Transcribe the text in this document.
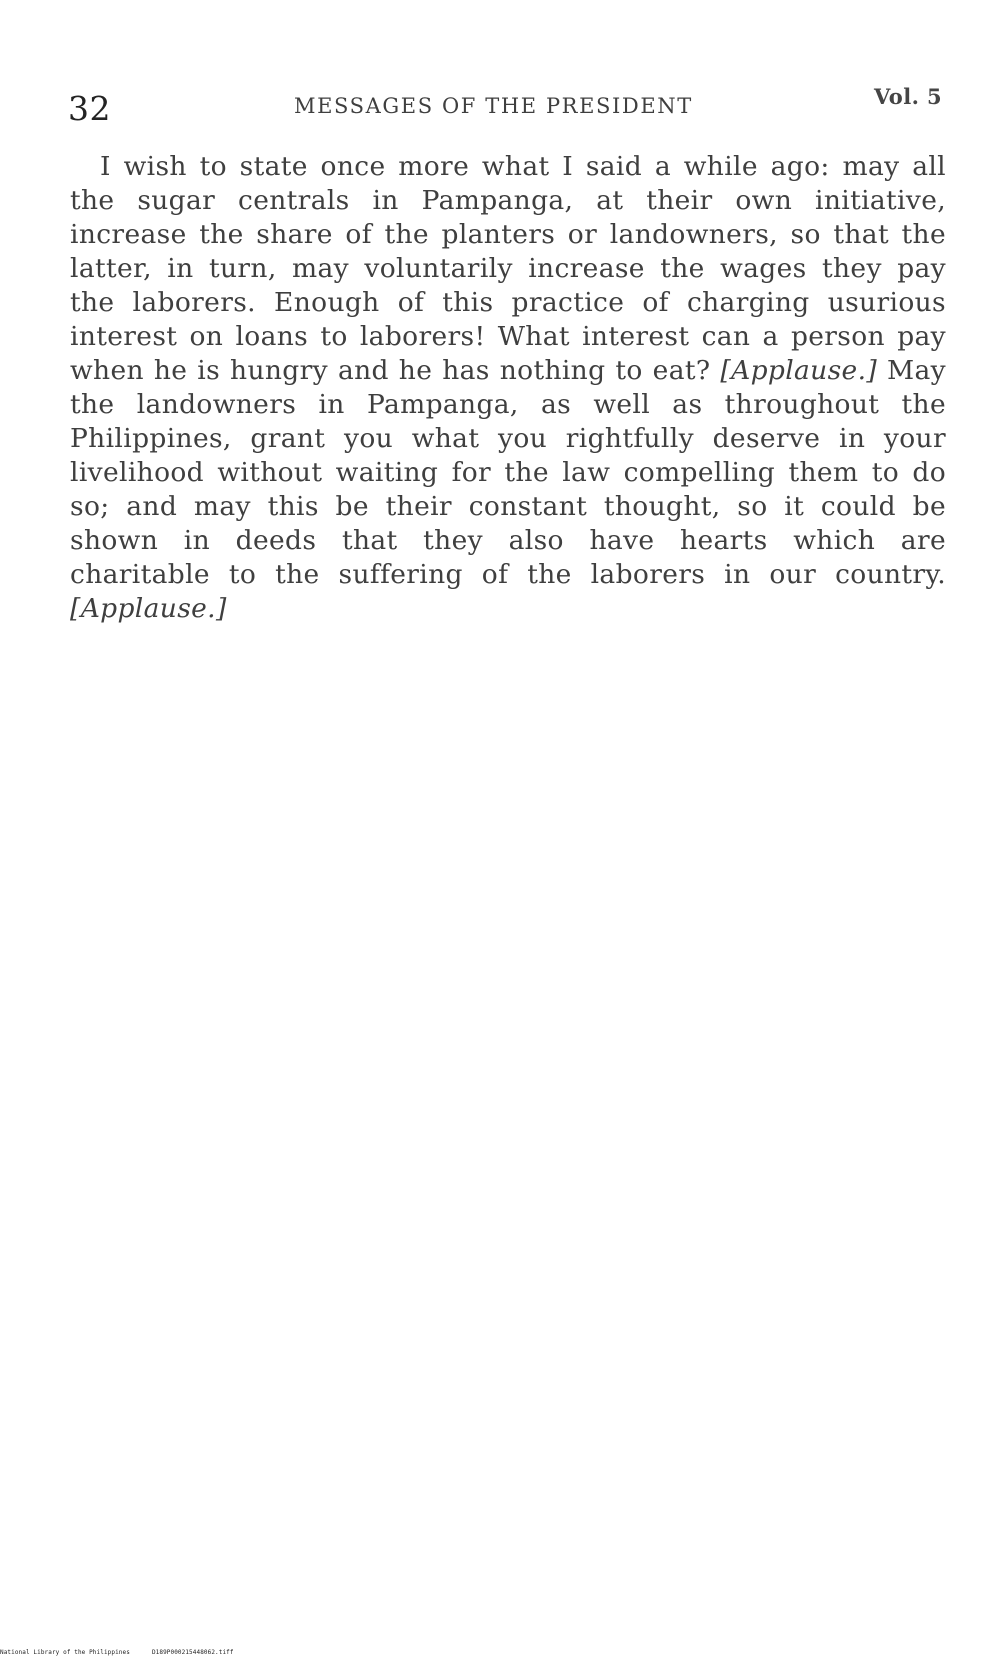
32	MESSAGES OF THE PRESIDENT	Vol. 5

I wish to state once more what I said a while ago: may all the sugar centrals in Pampanga, at their own initiative, increase the share of the planters or landowners, so that the latter, in turn, may voluntarily increase the wages they pay the laborers. Enough of this practice of charging usurious interest on loans to laborers! What interest can a person pay when he is hungry and he has nothing to eat? [Applause.] May the landowners in Pampanga, as well as throughout the Philippines, grant you what you rightfully deserve in your livelihood without waiting for the law compelling them to do so; and may this be their constant thought, so it could be shown in deeds that they also have hearts which are charitable to the suffering of the laborers in our country. [Applause.]

National Library of the Philippines	D189P000215448062.tiff
